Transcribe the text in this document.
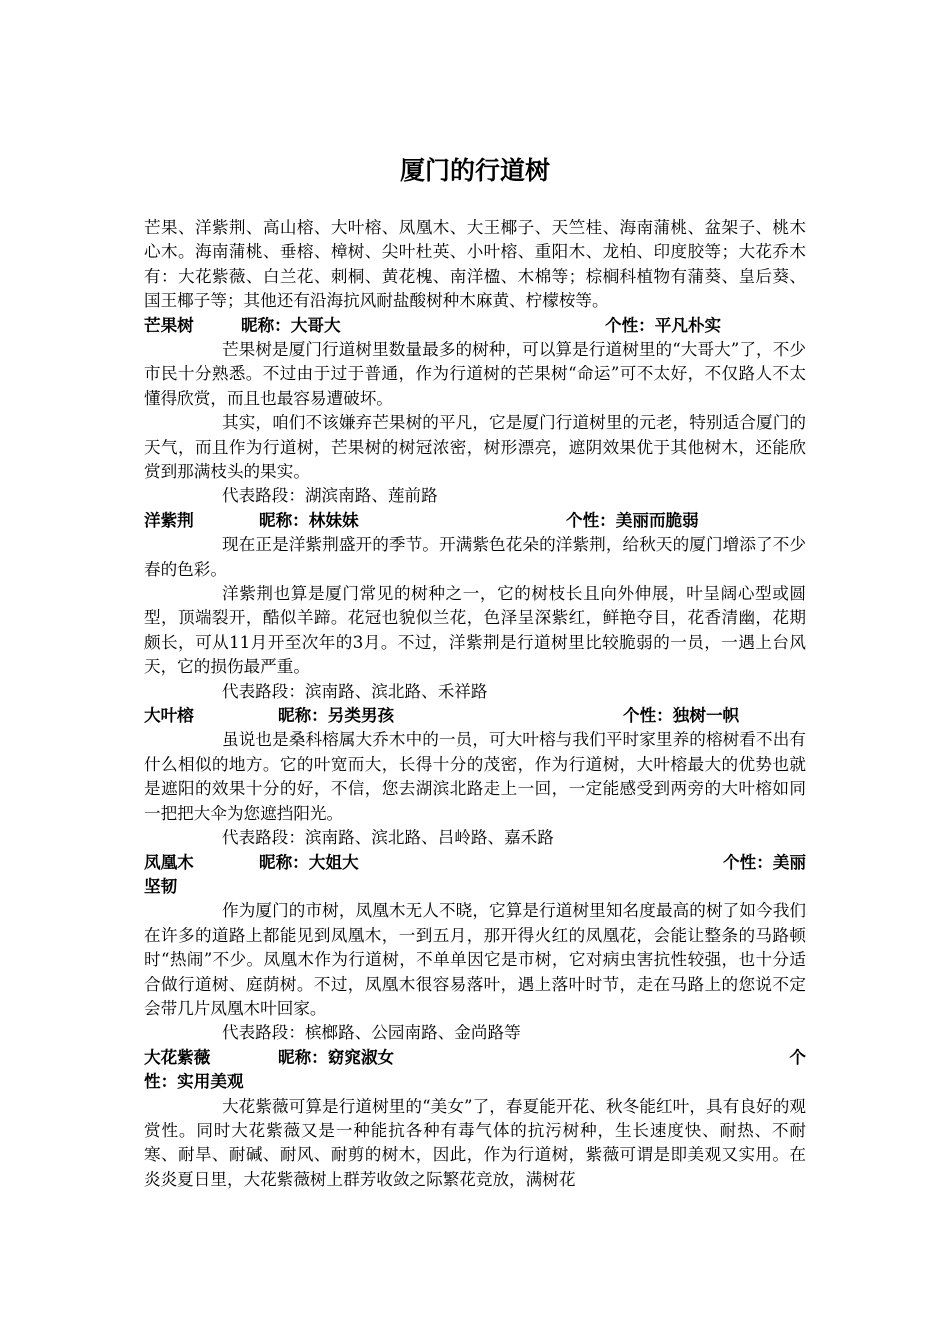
厦门的行道树

芒果、洋紫荆、高山榕、大叶榕、凤凰木、大王椰子、天竺桂、海南蒲桃、盆架子、桃木心木。海南蒲桃、垂榕、樟树、尖叶杜英、小叶榕、重阳木、龙柏、印度胶等；大花乔木有：大花紫薇、白兰花、刺桐、黄花槐、南洋楹、木棉等；棕榈科植物有蒲葵、皇后葵、国王椰子等；其他还有沿海抗风耐盐酸树种木麻黄、柠檬桉等。

芒果树	昵称：大哥大	个性：平凡朴实

芒果树是厦门行道树里数量最多的树种，可以算是行道树里的“大哥大”了，不少市民十分熟悉。不过由于过于普通，作为行道树的芒果树“命运”可不太好，不仅路人不太懂得欣赏，而且也最容易遭破坏。

其实，咱们不该嫌弃芒果树的平凡，它是厦门行道树里的元老，特别适合厦门的天气，而且作为行道树，芒果树的树冠浓密，树形漂亮，遮阴效果优于其他树木，还能欣赏到那满枝头的果实。

代表路段：湖滨南路、莲前路

洋紫荆	昵称：林妹妹	个性：美丽而脆弱

现在正是洋紫荆盛开的季节。开满紫色花朵的洋紫荆，给秋天的厦门增添了不少春的色彩。

洋紫荆也算是厦门常见的树种之一，它的树枝长且向外伸展，叶呈阔心型或圆型，顶端裂开，酷似羊蹄。花冠也貌似兰花，色泽呈深紫红，鲜艳夺目，花香清幽，花期颇长，可从11月开至次年的3月。不过，洋紫荆是行道树里比较脆弱的一员，一遇上台风天，它的损伤最严重。

代表路段：滨南路、滨北路、禾祥路

大叶榕	昵称：另类男孩	个性：独树一帜

虽说也是桑科榕属大乔木中的一员，可大叶榕与我们平时家里养的榕树看不出有什么相似的地方。它的叶宽而大，长得十分的茂密，作为行道树，大叶榕最大的优势也就是遮阳的效果十分的好，不信，您去湖滨北路走上一回，一定能感受到两旁的大叶榕如同一把把大伞为您遮挡阳光。

代表路段：滨南路、滨北路、吕岭路、嘉禾路

凤凰木	昵称：大姐大	个性：美丽
坚韧

作为厦门的市树，凤凰木无人不晓，它算是行道树里知名度最高的树了如今我们在许多的道路上都能见到凤凰木，一到五月，那开得火红的凤凰花，会能让整条的马路顿时“热闹”不少。凤凰木作为行道树，不单单因它是市树，它对病虫害抗性较强，也十分适合做行道树、庭荫树。不过，凤凰木很容易落叶，遇上落叶时节，走在马路上的您说不定会带几片凤凰木叶回家。

代表路段：槟榔路、公园南路、金尚路等

大花紫薇	昵称：窈窕淑女	个
性：实用美观

大花紫薇可算是行道树里的“美女”了，春夏能开花、秋冬能红叶，具有良好的观赏性。同时大花紫薇又是一种能抗各种有毒气体的抗污树种，生长速度快、耐热、不耐寒、耐旱、耐碱、耐风、耐剪的树木，因此，作为行道树，紫薇可谓是即美观又实用。在炎炎夏日里，大花紫薇树上群芳收敛之际繁花竞放，满树花
